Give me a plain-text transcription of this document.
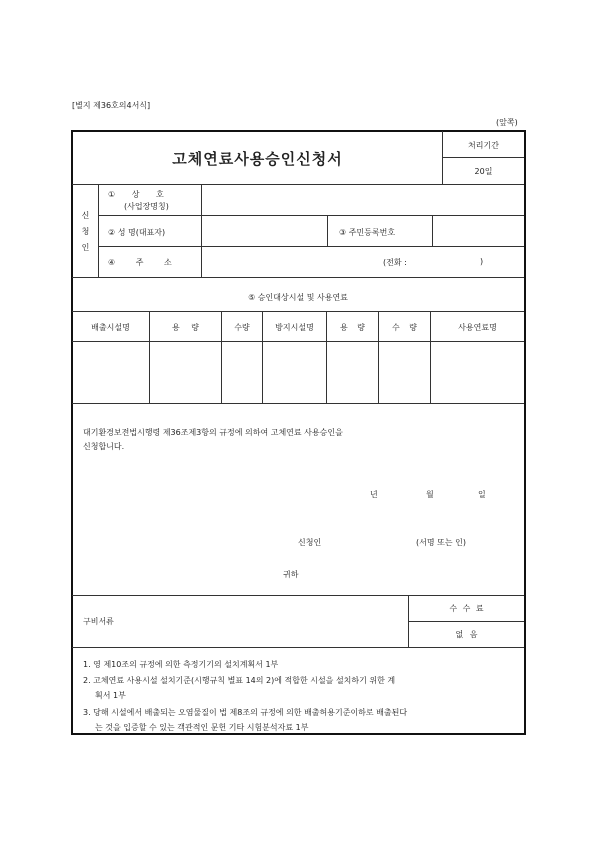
[별지 제36호의4서식]
(앞쪽)
고체연료사용승인신청서
처리기간
20일
신
청
인
① 상 호
(사업장명칭)
② 성 명(대표자)	③ 주민등록번호
④ 주 소	(전화 :	)
⑤ 승인대상시설 및 사용연료
배출시설명	용 량	수량	방지시설명	용 량	수 량	사용연료명
대기환경보전법시행령 제36조제3항의 규정에 의하여 고체연료 사용승인을
신청합니다.
년	월	일
신청인	(서명 또는 인)
귀하
구비서류
수 수 료
없 음
1. 영 제10조의 규정에 의한 측정기기의 설치계획서 1부
2. 고체연료 사용시설 설치기준(시행규칙 별표 14의 2)에 적합한 시설을 설치하기 위한 계
획서 1부
3. 당해 시설에서 배출되는 오염물질이 법 제8조의 규정에 의한 배출허용기준이하로 배출된다
는 것을 입증할 수 있는 객관적인 문헌 기타 시험분석자료 1부
